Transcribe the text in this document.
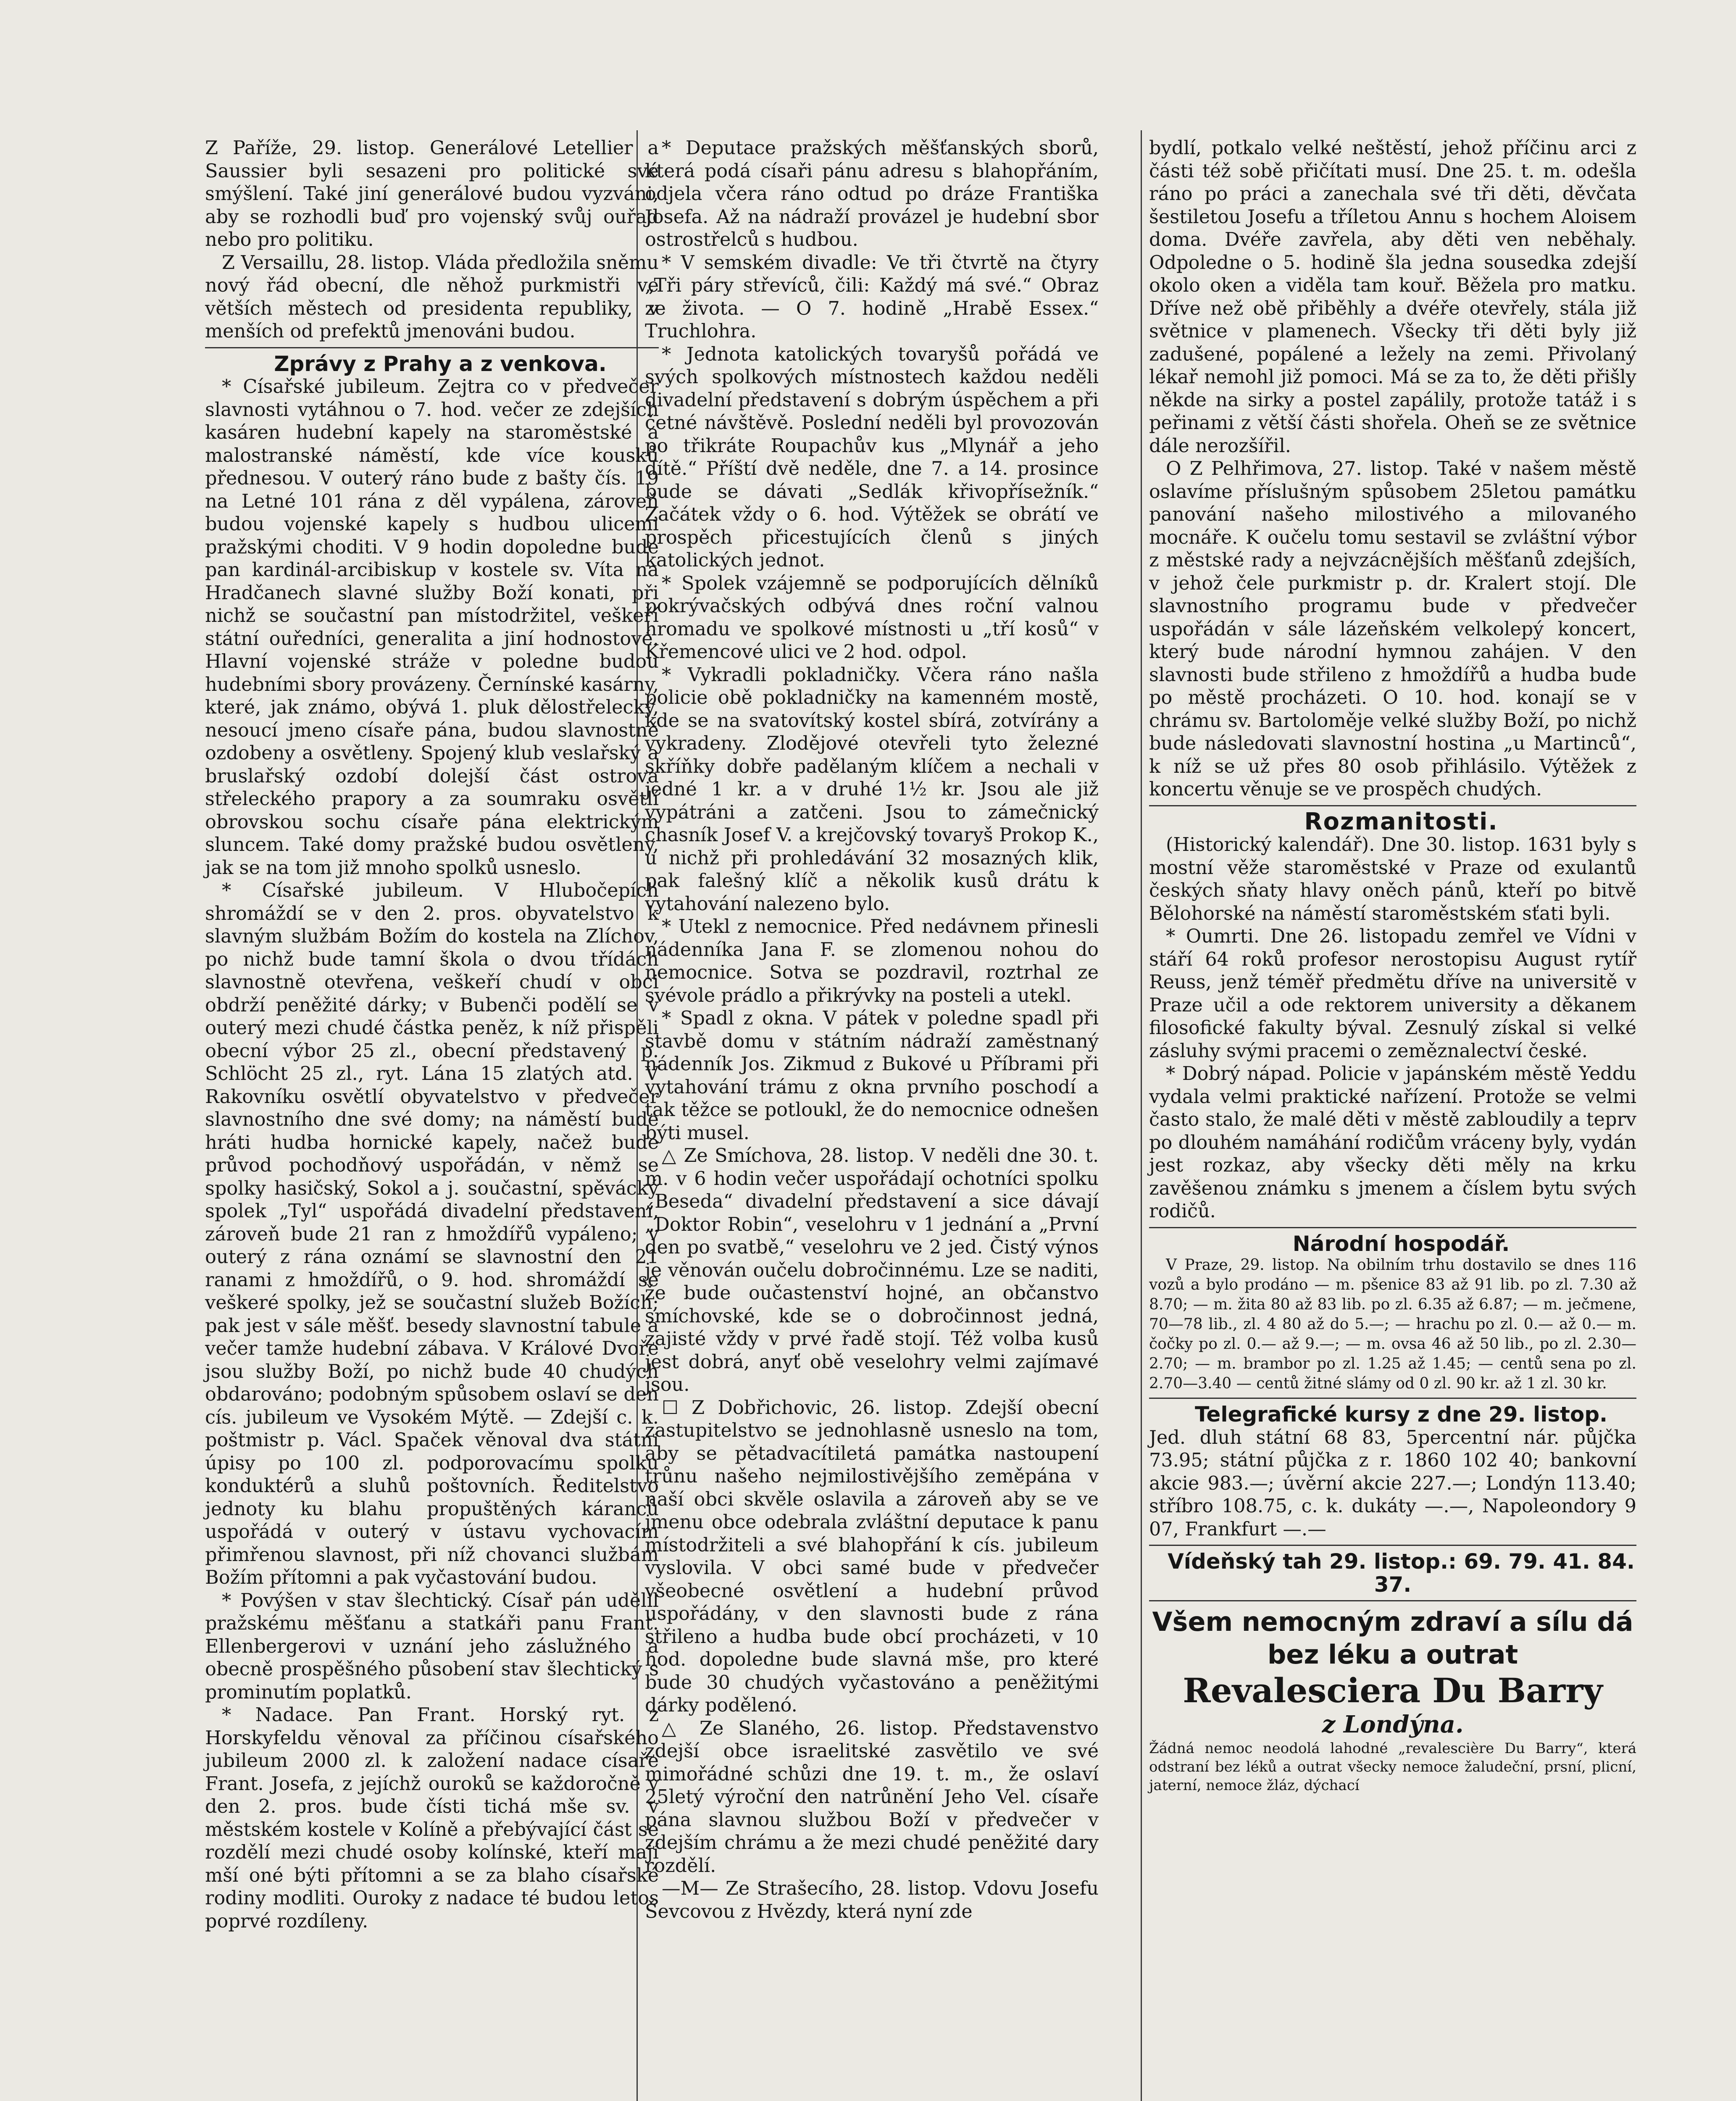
Z Paříže, 29. listop. Generálové Letellier a Saussier byli sesazeni pro politické své smýšlení. Také jiní generálové budou vyzváni, aby se rozhodli buď pro vojenský svůj ouřad nebo pro politiku.

Z Versaillu, 28. listop. Vláda předložila sněmu nový řád obecní, dle něhož purkmistři ve větších městech od presidenta republiky, v menších od prefektů jmenováni budou.

Zprávy z Prahy a z venkova.

* Císařské jubileum. Zejtra co v předvečer slavnosti vytáhnou o 7. hod. večer ze zdejších kasáren hudební kapely na staroměstské a malostranské náměstí, kde více kousků přednesou. V outerý ráno bude z bašty čís. 19 na Letné 101 rána z děl vypálena, zároveň budou vojenské kapely s hudbou ulicemi pražskými choditi. V 9 hodin dopoledne bude pan kardinál-arcibiskup v kostele sv. Víta na Hradčanech slavné služby Boží konati, při nichž se součastní pan místodržitel, veškeří státní ouředníci, generalita a jiní hodnostové. Hlavní vojenské stráže v poledne budou hudebními sbory provázeny. Černínské kasárny, které, jak známo, obývá 1. pluk dělostřelecký, nesoucí jmeno císaře pána, budou slavnostně ozdobeny a osvětleny. Spojený klub veslařský a bruslařský ozdobí dolejší část ostrova střeleckého prapory a za soumraku osvětlí obrovskou sochu císaře pána elektrickým sluncem. Také domy pražské budou osvětleny, jak se na tom již mnoho spolků usneslo.

* Císařské jubileum. V Hlubočepích shromáždí se v den 2. pros. obyvatelstvo k slavným službám Božím do kostela na Zlíchov, po nichž bude tamní škola o dvou třídách slavnostně otevřena, veškeří chudí v obci obdrží peněžité dárky; v Bubenči podělí se v outerý mezi chudé částka peněz, k níž přispěli obecní výbor 25 zl., obecní představený p. Schlöcht 25 zl., ryt. Lána 15 zlatých atd. V Rakovníku osvětlí obyvatelstvo v předvečer slavnostního dne své domy; na náměstí bude hráti hudba hornické kapely, načež bude průvod pochodňový uspořádán, v němž se spolky hasičský, Sokol a j. součastní, spěvácký spolek „Tyl“ uspořádá divadelní představení, zároveň bude 21 ran z hmoždířů vypáleno; v outerý z rána oznámí se slavnostní den 21 ranami z hmoždířů, o 9. hod. shromáždí se veškeré spolky, jež se součastní služeb Božích; pak jest v sále měšť. besedy slavnostní tabule a večer tamže hudební zábava. V Králové Dvoře jsou služby Boží, po nichž bude 40 chudých obdarováno; podobným spůsobem oslaví se den cís. jubileum ve Vysokém Mýtě. — Zdejší c. k. poštmistr p. Václ. Spaček věnoval dva státní úpisy po 100 zl. podporovacímu spolku konduktérů a sluhů poštovních. Ředitelstvo jednoty ku blahu propuštěných káranců uspořádá v outerý v ústavu vychovacím přimřenou slavnost, při níž chovanci službám Božím přítomni a pak vyčastování budou.

* Povýšen v stav šlechtický. Císař pán udělil pražskému měšťanu a statkáři panu Frant. Ellenbergerovi v uznání jeho záslužného a obecně prospěšného působení stav šlechtický s prominutím poplatků.

* Nadace. Pan Frant. Horský ryt. z Horskyfeldu věnoval za příčinou císařského jubileum 2000 zl. k založení nadace císaře Frant. Josefa, z jejíchž ouroků se každoročně v den 2. pros. bude čísti tichá mše sv. v městském kostele v Kolíně a přebývající část se rozdělí mezi chudé osoby kolínské, kteří mají mší oné býti přítomni a se za blaho císařské rodiny modliti. Ouroky z nadace té budou letos poprvé rozdíleny.

* Deputace pražských měšťanských sborů, která podá císaři pánu adresu s blahopřáním, odjela včera ráno odtud po dráze Františka Josefa. Až na nádraží provázel je hudební sbor ostrostřelců s hudbou.

* V semském divadle: Ve tři čtvrtě na čtyry „Tři páry střevíců, čili: Každý má své.“ Obraz ze života. — O 7. hodině „Hrabě Essex.“ Truchlohra.

* Jednota katolických tovaryšů pořádá ve svých spolkových místnostech každou neděli divadelní představení s dobrým úspěchem a při četné návštěvě. Poslední neděli byl provozován po třikráte Roupachův kus „Mlynář a jeho dítě.“ Příští dvě neděle, dne 7. a 14. prosince bude se dávati „Sedlák křivopřísežník.“ Začátek vždy o 6. hod. Výtěžek se obrátí ve prospěch přicestujících členů s jiných katolických jednot.

* Spolek vzájemně se podporujících dělníků pokrývačských odbývá dnes roční valnou hromadu ve spolkové místnosti u „tří kosů“ v Křemencové ulici ve 2 hod. odpol.

* Vykradli pokladničky. Včera ráno našla policie obě pokladničky na kamenném mostě, kde se na svatovítský kostel sbírá, zotvírány a vykradeny. Zlodějové otevřeli tyto železné skříňky dobře padělaným klíčem a nechali v jedné 1 kr. a v druhé 1½ kr. Jsou ale již vypátráni a zatčeni. Jsou to zámečnický chasník Josef V. a krejčovský tovaryš Prokop K., u nichž při prohledávání 32 mosazných klik, pak falešný klíč a několik kusů drátu k vytahování nalezeno bylo.

* Utekl z nemocnice. Před nedávnem přinesli nádenníka Jana F. se zlomenou nohou do nemocnice. Sotva se pozdravil, roztrhal ze svévole prádlo a přikrývky na posteli a utekl.

* Spadl z okna. V pátek v poledne spadl při stavbě domu v státním nádraží zaměstnaný nádenník Jos. Zikmud z Bukové u Příbrami při vytahování trámu z okna prvního poschodí a tak těžce se potloukl, že do nemocnice odnešen býti musel.

△ Ze Smíchova, 28. listop. V neděli dne 30. t. m. v 6 hodin večer uspořádají ochotníci spolku „Beseda“ divadelní představení a sice dávají „Doktor Robin“, veselohru v 1 jednání a „První den po svatbě,“ veselohru ve 2 jed. Čistý výnos je věnován oučelu dobročinnému. Lze se naditi, že bude oučastenství hojné, an občanstvo smíchovské, kde se o dobročinnost jedná, zajisté vždy v prvé řadě stojí. Též volba kusů jest dobrá, anyť obě veselohry velmi zajímavé jsou.

☐ Z Dobřichovic, 26. listop. Zdejší obecní zastupitelstvo se jednohlasně usneslo na tom, aby se pětadvacítiletá památka nastoupení trůnu našeho nejmilostivějšího zeměpána v naší obci skvěle oslavila a zároveň aby se ve jmenu obce odebrala zvláštní deputace k panu místodržiteli a své blahopřání k cís. jubileum vyslovila. V obci samé bude v předvečer všeobecné osvětlení a hudební průvod uspořádány, v den slavnosti bude z rána střileno a hudba bude obcí procházeti, v 10 hod. dopoledne bude slavná mše, pro které bude 30 chudých vyčastováno a peněžitými dárky podělenó.

△ Ze Slaného, 26. listop. Představenstvo zdejší obce israelitské zasvětilo ve své mimořádné schůzi dne 19. t. m., že oslaví 25letý výroční den natrůnění Jeho Vel. císaře pána slavnou službou Boží v předvečer v zdejším chrámu a že mezi chudé peněžité dary rozdělí.

—M— Ze Strašecího, 28. listop. Vdovu Josefu Ševcovou z Hvězdy, která nyní zde

bydlí, potkalo velké neštěstí, jehož příčinu arci z části též sobě přičítati musí. Dne 25. t. m. odešla ráno po práci a zanechala své tři děti, děvčata šestiletou Josefu a tříletou Annu s hochem Aloisem doma. Dvéře zavřela, aby děti ven neběhaly. Odpoledne o 5. hodině šla jedna sousedka zdejší okolo oken a viděla tam kouř. Běžela pro matku. Dříve než obě přiběhly a dvéře otevřely, stála již světnice v plamenech. Všecky tři děti byly již zadušené, popálené a ležely na zemi. Přivolaný lékař nemohl již pomoci. Má se za to, že děti přišly někde na sirky a postel zapálily, protože tatáž i s peřinami z větší části shořela. Oheň se ze světnice dále nerozšířil.

O Z Pelhřimova, 27. listop. Také v našem městě oslavíme příslušným spůsobem 25letou památku panování našeho milostivého a milovaného mocnáře. K oučelu tomu sestavil se zvláštní výbor z městské rady a nejvzácnějších měšťanů zdejších, v jehož čele purkmistr p. dr. Kralert stojí. Dle slavnostního programu bude v předvečer uspořádán v sále lázeňském velkolepý koncert, který bude národní hymnou zahájen. V den slavnosti bude střileno z hmoždířů a hudba bude po městě procházeti. O 10. hod. konají se v chrámu sv. Bartoloměje velké služby Boží, po nichž bude následovati slavnostní hostina „u Martinců“, k níž se už přes 80 osob přihlásilo. Výtěžek z koncertu věnuje se ve prospěch chudých.

Rozmanitosti.

(Historický kalendář). Dne 30. listop. 1631 byly s mostní věže staroměstské v Praze od exulantů českých sňaty hlavy oněch pánů, kteří po bitvě Bělohorské na náměstí staroměstském sťati byli.

* Oumrti. Dne 26. listopadu zemřel ve Vídni v stáří 64 roků profesor nerostopisu August rytíř Reuss, jenž téměř předmětu dříve na universitě v Praze učil a ode rektorem university a děkanem filosofické fakulty býval. Zesnulý získal si velké zásluhy svými pracemi o zeměznalectví české.

* Dobrý nápad. Policie v japánském městě Yeddu vydala velmi praktické nařízení. Protože se velmi často stalo, že malé děti v městě zabloudily a teprv po dlouhém namáhání rodičům vráceny byly, vydán jest rozkaz, aby všecky děti měly na krku zavěšenou známku s jmenem a číslem bytu svých rodičů.

Národní hospodář.

V Praze, 29. listop. Na obilním trhu dostavilo se dnes 116 vozů a bylo prodáno — m. pšenice 83 až 91 lib. po zl. 7.30 až 8.70; — m. žita 80 až 83 lib. po zl. 6.35 až 6.87; — m. ječmene, 70—78 lib., zl. 4 80 až do 5.—; — hrachu po zl. 0.— až 0.— m. čočky po zl. 0.— až 9.—; — m. ovsa 46 až 50 lib., po zl. 2.30—2.70; — m. brambor po zl. 1.25 až 1.45; — centů sena po zl. 2.70—3.40 — centů žitné slámy od 0 zl. 90 kr. až 1 zl. 30 kr.

Telegrafické kursy z dne 29. listop.

Jed. dluh státní 68 83, 5percentní nár. půjčka 73.95; státní půjčka z r. 1860 102 40; bankovní akcie 983.—; úvěrní akcie 227.—; Londýn 113.40; stříbro 108.75, c. k. dukáty —.—, Napoleondory 9 07, Frankfurt —.—

Vídeňský tah 29. listop.: 69. 79. 41. 84. 37.

Všem nemocným zdraví a sílu dá bez léku a outrat
Revalesciera Du Barry
z Londýna.
Žádná nemoc neodolá lahodné „revalescière Du Barry“, která odstraní bez léků a outrat všecky nemoce žaludeční, prsní, plicní, jaterní, nemoce žláz, dýchací
